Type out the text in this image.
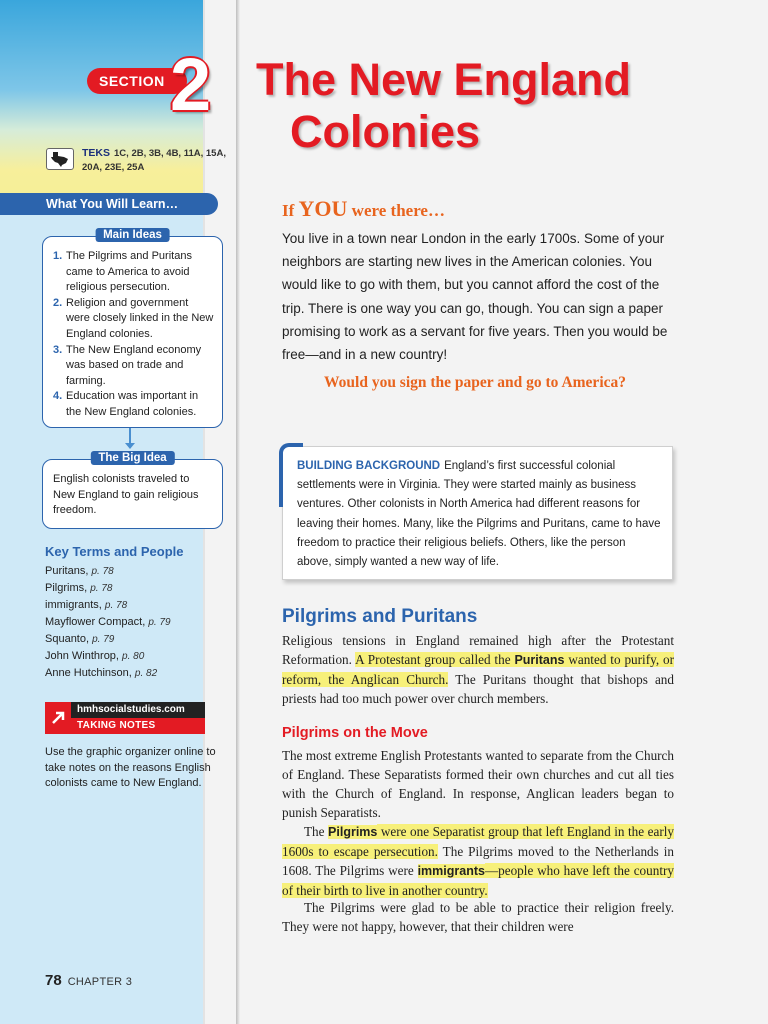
SECTION 2
TEKS 1C, 2B, 3B, 4B, 11A, 15A, 20A, 23E, 25A
What You Will Learn…
Main Ideas
1. The Pilgrims and Puritans came to America to avoid religious persecution.
2. Religion and government were closely linked in the New England colonies.
3. The New England economy was based on trade and farming.
4. Education was important in the New England colonies.
The Big Idea
English colonists traveled to New England to gain religious freedom.
Key Terms and People
Puritans, p. 78
Pilgrims, p. 78
immigrants, p. 78
Mayflower Compact, p. 79
Squanto, p. 79
John Winthrop, p. 80
Anne Hutchinson, p. 82
hmhsocialstudies.com
TAKING NOTES
Use the graphic organizer online to take notes on the reasons English colonists came to New England.
78 CHAPTER 3
The New England
Colonies
If YOU were there…
You live in a town near London in the early 1700s. Some of your neighbors are starting new lives in the American colonies. You would like to go with them, but you cannot afford the cost of the trip. There is one way you can go, though. You can sign a paper promising to work as a servant for five years. Then you would be free—and in a new country!
Would you sign the paper and go to America?
BUILDING BACKGROUND England’s first successful colonial settlements were in Virginia. They were started mainly as business ventures. Other colonists in North America had different reasons for leaving their homes. Many, like the Pilgrims and Puritans, came to have freedom to practice their religious beliefs. Others, like the person above, simply wanted a new way of life.
Pilgrims and Puritans
Religious tensions in England remained high after the Protestant Reformation. A Protestant group called the Puritans wanted to purify, or reform, the Anglican Church. The Puritans thought that bishops and priests had too much power over church members.
Pilgrims on the Move
The most extreme English Protestants wanted to separate from the Church of England. These Separatists formed their own churches and cut all ties with the Church of England. In response, Anglican leaders began to punish Separatists.
The Pilgrims were one Separatist group that left England in the early 1600s to escape persecution. The Pilgrims moved to the Netherlands in 1608. The Pilgrims were immigrants—people who have left the country of their birth to live in another country.
The Pilgrims were glad to be able to practice their religion freely. They were not happy, however, that their children were
